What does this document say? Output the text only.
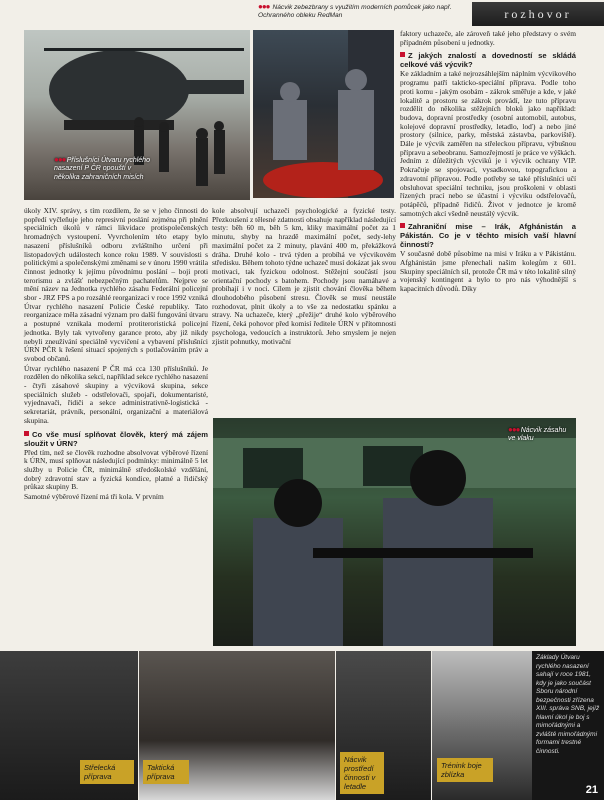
●●● Nácvik zebezbrany s využitím moderních pomůcek jako např. Ochranného obleku RedMan	rozhovor
●●● Příslušníci Útvaru rychlého nasazení P ČR opouští v několika zahraničních misích
●●● Nácvik zásahu ve vlaku

úkoly XIV. správy, s tím rozdílem, že se v jeho činnosti do popředí vyčleňuje jeho represivní poslání zejména při plnění speciálních úkolů v rámci likvidace protispolečenských hromadných vystoupení. Vyvrcholením této etapy bylo nasazení příslušníků odboru zvláštního určení při listopadových událostech konce roku 1989. V souvislosti s politickými a společenskými změnami se v únoru 1990 vrátila činnost jednotky k jejímu původnímu poslání – boji proti terorismu a zvlášť nebezpečným pachatelům. Nejprve se mění název na Jednotka rychlého zásahu Federální policejní sbor - JRZ FPS a po rozsáhlé reorganizaci v roce 1992 vzniká Útvar rychlého nasazení Policie České republiky. Tato reorganizace měla zásadní význam pro další fungování útvaru a postupné vznikala moderní protiteroristická policejní jednotka. Byly tak vytvořeny garance proto, aby již nikdy nebyli zneužívání speciálně vycvičení a vybavení příslušníci ÚRN PČR k řešení situací spojených s potlačováním práv a svobod občanů.

Útvar rychlého nasazení P ČR má cca 130 příslušníků. Je rozdělen do několika sekcí, například sekce rychlého nasazení - čtyři zásahové skupiny a výcviková skupina, sekce speciálních služeb - odstřelovači, spojaři, dokumentaristé, vyjednavači, řidiči a sekce administrativně-logistická - sekretariát, právník, personální, organizační a materiálová skupina.

Co vše musí splňovat člověk, který má zájem sloužit v ÚRN?

Před tím, než se člověk rozhodne absolvovat výběrové řízení k ÚRN, musí splňovat následující podmínky: minimálně 5 let služby u Policie ČR, minimálně středoškolské vzdělání, dobrý zdravotní stav a fyzická kondice, platné a řidičský průkaz skupiny B.

Samotné výběrové řízení má tři kola. V prvním

kole absolvují uchazeči psychologické a fyzické testy. Přezkoušení z tělesné zdatnosti obsahuje například následující testy: běh 60 m, běh 5 km, kliky maximální počet za 1 minutu, shyby na hrazdě maximální počet, sedy-lehy maximální počet za 2 minuty, plavání 400 m, překážková dráha. Druhé kolo - trvá týden a probíhá ve výcvikovém středisku. Během tohoto týdne uchazeč musí dokázat jak svou motivaci, tak fyzickou odolnost. Stěžejní součástí jsou orientační pochody s batohem. Pochody jsou namáhavé a probíhají i v noci. Cílem je zjistit chování člověka během dlouhodobého působení stresu. Člověk se musí neustále rozhodovat, plnit úkoly a to vše za nedostatku spánku a stravy. Na uchazeče, který „přežije“ druhé kolo výběrového řízení, čeká pohovor před komisí ředitele ÚRN v přítomnosti psychologa, vedoucích a instruktorů. Jeho smyslem je nejen zjistit pohnutky, motivační

faktory uchazeče, ale zároveň také jeho představy o svém případném působení u jednotky.

Z jakých znalostí a dovedností se skládá celkové váš výcvik?

Ke základním a také nejrozsáhlejším náplním výcvikového programu patří takticko-speciální příprava. Podle toho proti komu - jakým osobám - zákrok směřuje a kde, v jaké lokalitě a prostoru se zákrok provádí, lze tuto přípravu rozdělit do několika stěžejních bloků jako například: budova, dopravní prostředky (osobní automobil, autobus, kolejové dopravní prostředky, letadlo, loď) a nebo jiné prostory (silnice, parky, městská zástavba, parkoviště). Dále je výcvik zaměřen na střeleckou přípravu, výbušnou přípravu a sebeobranu. Samozřejmostí je práce ve výškách. Jedním z důležitých výcviků je i výcvik ochrany VIP. Pokračuje se spojovací, vysadkovou, topografickou a zdravotní přípravou. Podle potřeby se také příslušníci učí obsluhovat speciální techniku, jsou proškoleni v oblasti řízených prací nebo se účastní i výcviku odstřelovačů, potápěčů, případně řidičů. Život v jednotce je kromě samotných akcí všedně neustálý výcvik.

Zahraniční mise – Irák, Afghánistán a Pákistán. Co je v těchto misích vaší hlavní činností?

V současné době působíme na misi v Iráku a v Pákistánu. Afghánistán jsme přenechali našim kolegům z 601. Skupiny speciálních sil, protože ČR má v této lokalitě silný vojenský kontingent a bylo to pro nás výhodnější s kapacitních důvodů. Díky

Střelecká příprava
Taktická příprava
Nácvik prostředí činnosti v letadle
Trénink boje zblízka
Základy Útvaru rychlého nasazení sahají v roce 1981, kdy je jako součást Sboru národní bezpečnosti zřízena XIII. správa SNB, jejíž hlavní úkol je boj s mimořádnými a zvláště mimořádnými formami trestné činnosti.
21
